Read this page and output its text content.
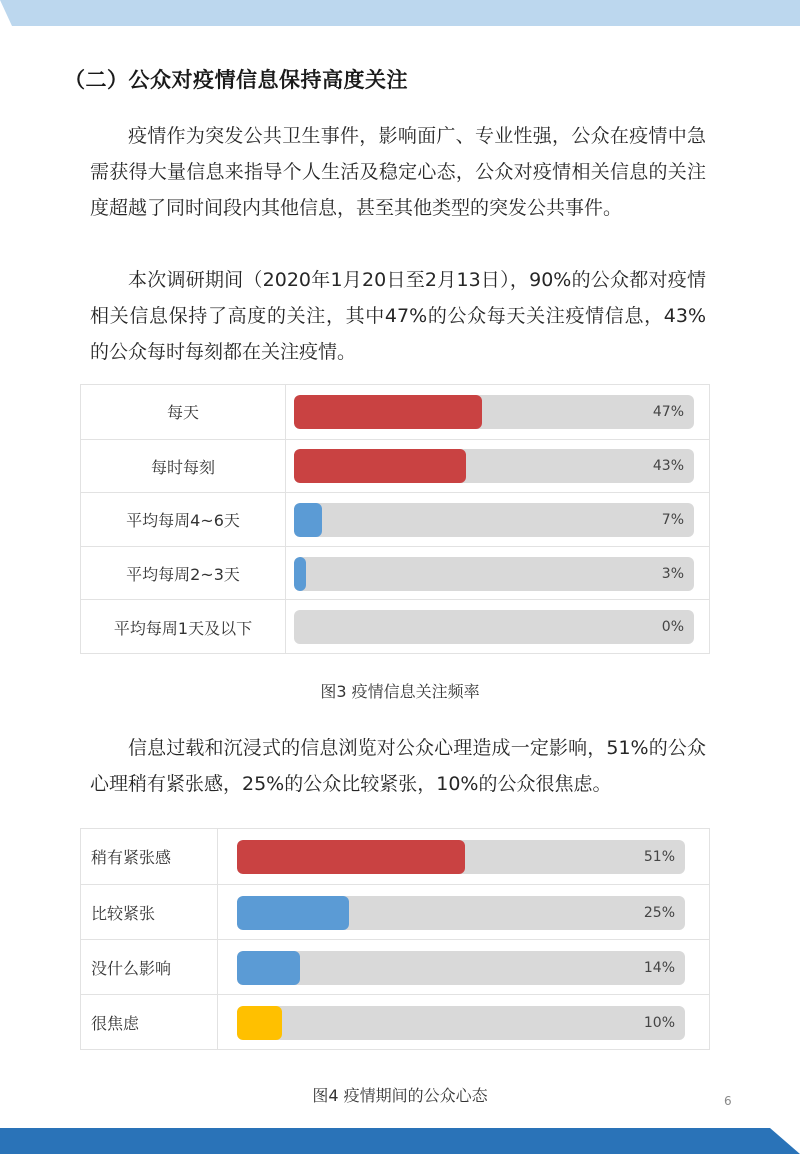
（二）公众对疫情信息保持高度关注

疫情作为突发公共卫生事件，影响面广、专业性强，公众在疫情中急需获得大量信息来指导个人生活及稳定心态，公众对疫情相关信息的关注度超越了同时间段内其他信息，甚至其他类型的突发公共事件。

本次调研期间（2020年1月20日至2月13日），90%的公众都对疫情相关信息保持了高度的关注，其中47%的公众每天关注疫情信息，43%的公众每时每刻都在关注疫情。

每天	47%
每时每刻	43%
平均每周4~6天	7%
平均每周2~3天	3%
平均每周1天及以下	0%
图3 疫情信息关注频率

信息过载和沉浸式的信息浏览对公众心理造成一定影响，51%的公众心理稍有紧张感，25%的公众比较紧张，10%的公众很焦虑。

稍有紧张感	51%
比较紧张	25%
没什么影响	14%
很焦虑	10%
图4 疫情期间的公众心态	6
